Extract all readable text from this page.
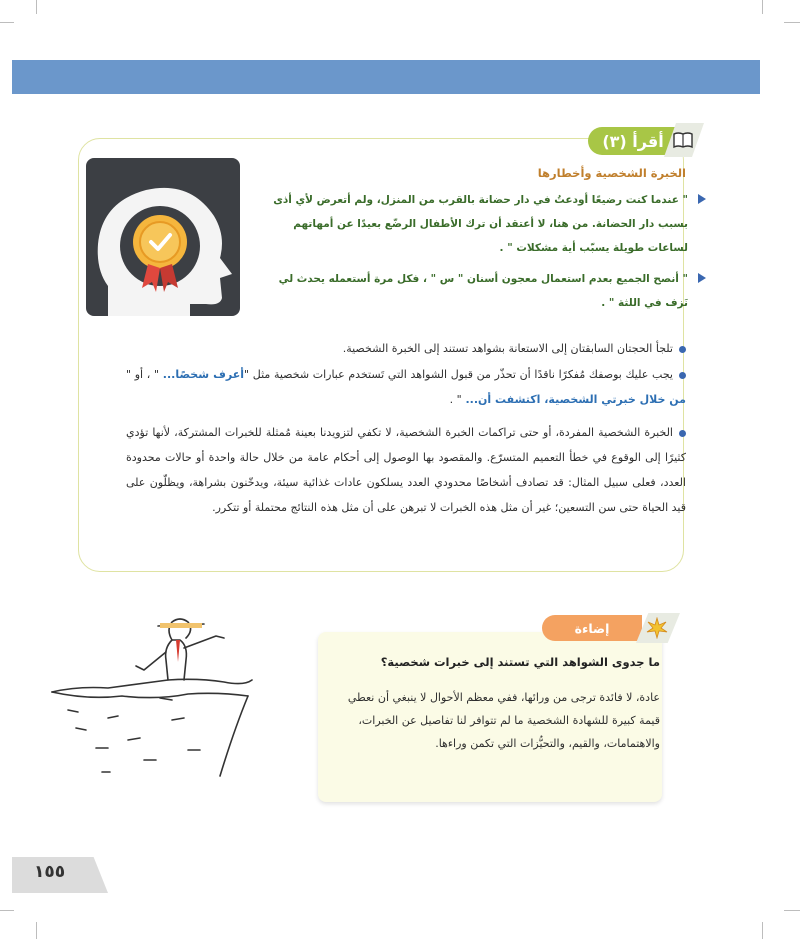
أقرأ (٣)
الخبرة الشخصية وأخطارها
" عندما كنت رضيعًا أودعتُ في دار حضانة بالقرب من المنزل، ولم أتعرض لأي أذى بسبب دار الحضانة. من هنا، لا أعتقد أن ترك الأطفال الرضّع بعيدًا عن أمهاتهم لساعات طويلة يسبّب أية مشكلات " .
" أنصح الجميع بعدم استعمال معجون أسنان " س " ، فكل مرة أستعمله يحدث لي نَزف في اللثة " .
تلجأ الحجتان السابقتان إلى الاستعانة بشواهد تستند إلى الخبرة الشخصية.
يجب عليك بوصفك مُفكرًا ناقدًا أن تحذّر من قبول الشواهد التي تَستخدم عبارات شخصية مثل "أعرف شخصًا... " ، أو " من خلال خبرتي الشخصية، اكتشفت أن... " .
الخبرة الشخصية المفردة، أو حتى تراكمات الخبرة الشخصية، لا تكفي لتزويدنا بعينة مُمثلة للخبرات المشتركة، لأنها تؤدي كثيرًا إلى الوقوع في خطأ التعميم المتسرّع. والمقصود بها الوصول إلى أحكام عامة من خلال حالة واحدة أو حالات محدودة العدد، فعلى سبيل المثال: قد تصادف أشخاصًا محدودي العدد يسلكون عادات غذائية سيئة، ويدخّنون بشراهة، ويظلّون على قيد الحياة حتى سن التسعين؛ غير أن مثل هذه الخبرات لا تبرهن على أن مثل هذه النتائج محتملة أو تتكرر.
إضاءة
ما جدوى الشواهد التي تستند إلى خبرات شخصية؟
عادة، لا فائدة ترجى من ورائها، ففي معظم الأحوال لا ينبغي أن نعطي قيمة كبيرة للشهادة الشخصية ما لم تتوافر لنا تفاصيل عن الخبرات، والاهتمامات، والقيم، والتحيُّزات التي تكمن وراءها.
١٥٥
